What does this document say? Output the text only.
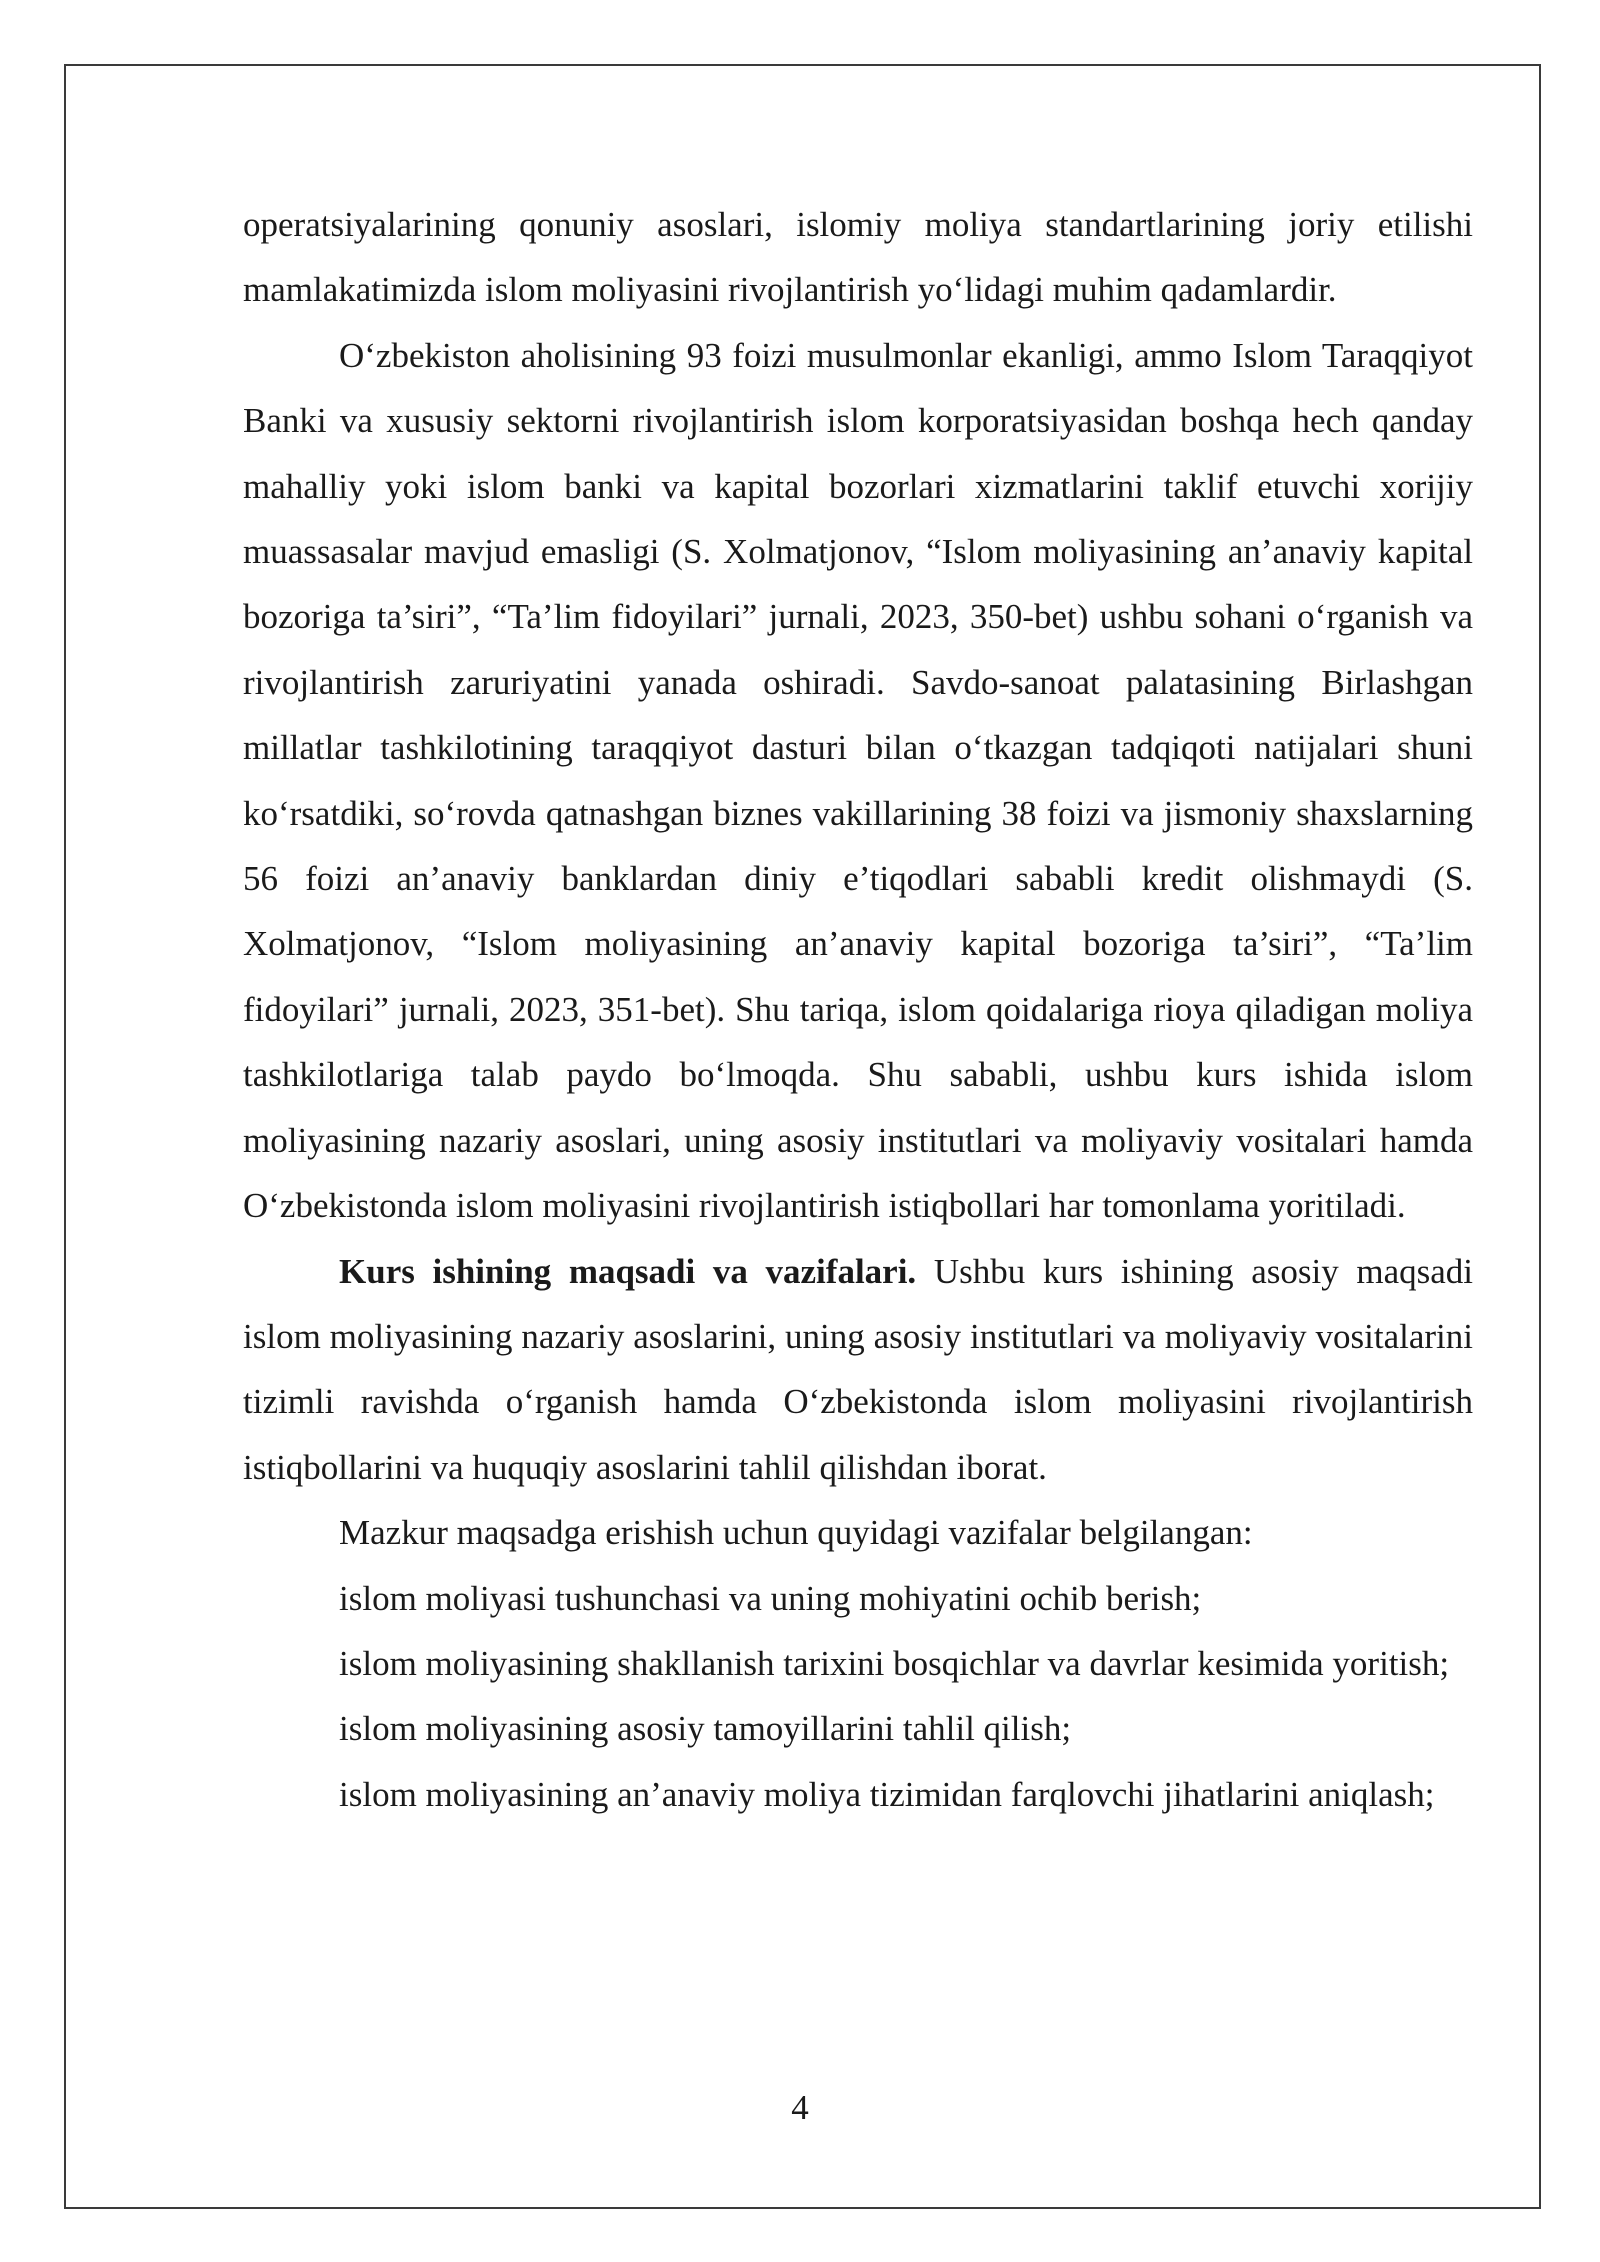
operatsiyalarining qonuniy asoslari, islomiy moliya standartlarining joriy etilishi mamlakatimizda islom moliyasini rivojlantirish yo‘lidagi muhim qadamlardir.

O‘zbekiston aholisining 93 foizi musulmonlar ekanligi, ammo Islom Taraqqiyot Banki va xususiy sektorni rivojlantirish islom korporatsiyasidan boshqa hech qanday mahalliy yoki islom banki va kapital bozorlari xizmatlarini taklif etuvchi xorijiy muassasalar mavjud emasligi (S. Xolmatjonov, “Islom moliyasining an’anaviy kapital bozoriga ta’siri”, “Ta’lim fidoyilari” jurnali, 2023, 350-bet) ushbu sohani o‘rganish va rivojlantirish zaruriyatini yanada oshiradi. Savdo-sanoat palatasining Birlashgan millatlar tashkilotining taraqqiyot dasturi bilan o‘tkazgan tadqiqoti natijalari shuni ko‘rsatdiki, so‘rovda qatnashgan biznes vakillarining 38 foizi va jismoniy shaxslarning 56 foizi an’anaviy banklardan diniy e’tiqodlari sababli kredit olishmaydi (S. Xolmatjonov, “Islom moliyasining an’anaviy kapital bozoriga ta’siri”, “Ta’lim fidoyilari” jurnali, 2023, 351-bet). Shu tariqa, islom qoidalariga rioya qiladigan moliya tashkilotlariga talab paydo bo‘lmoqda. Shu sababli, ushbu kurs ishida islom moliyasining nazariy asoslari, uning asosiy institutlari va moliyaviy vositalari hamda O‘zbekistonda islom moliyasini rivojlantirish istiqbollari har tomonlama yoritiladi.

Kurs ishining maqsadi va vazifalari. Ushbu kurs ishining asosiy maqsadi islom moliyasining nazariy asoslarini, uning asosiy institutlari va moliyaviy vositalarini tizimli ravishda o‘rganish hamda O‘zbekistonda islom moliyasini rivojlantirish istiqbollarini va huquqiy asoslarini tahlil qilishdan iborat.

Mazkur maqsadga erishish uchun quyidagi vazifalar belgilangan:

islom moliyasi tushunchasi va uning mohiyatini ochib berish;

islom moliyasining shakllanish tarixini bosqichlar va davrlar kesimida yoritish;

islom moliyasining asosiy tamoyillarini tahlil qilish;

islom moliyasining an’anaviy moliya tizimidan farqlovchi jihatlarini aniqlash;

4
